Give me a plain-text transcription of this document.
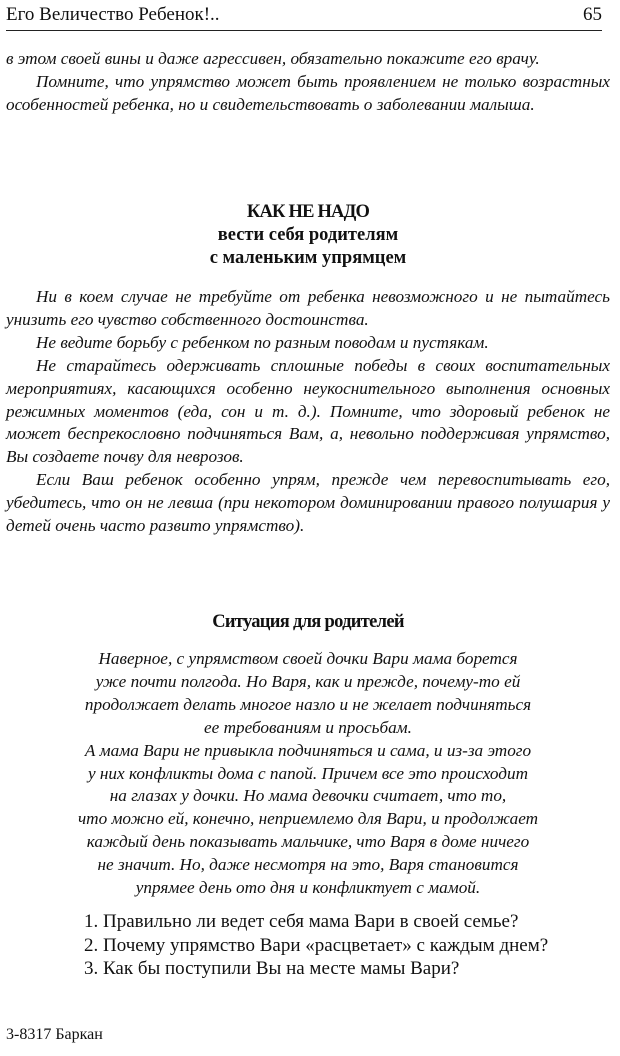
Его Величество Ребенок!..	65

в этом своей вины и даже агрессивен, обязательно покажите его врачу.

Помните, что упрямство может быть проявлением не только возрастных особенностей ребенка, но и свидетельствовать о заболевании малыша.

КАК НЕ НАДО
вести себя родителям
с маленьким упрямцем

Ни в коем случае не требуйте от ребенка невозможного и не пытайтесь унизить его чувство собственного достоинства.

Не ведите борьбу с ребенком по разным поводам и пустякам.

Не старайтесь одерживать сплошные победы в своих воспитательных мероприятиях, касающихся особенно неукоснительного выполнения основных режимных моментов (еда, сон и т. д.). Помните, что здоровый ребенок не может беспрекословно подчиняться Вам, а, невольно поддерживая упрямство, Вы создаете почву для неврозов.

Если Ваш ребенок особенно упрям, прежде чем перевоспитывать его, убедитесь, что он не левша (при некотором доминировании правого полушария у детей очень часто развито упрямство).

Ситуация для родителей
Наверное, с упрямством своей дочки Вари мама борется
уже почти полгода. Но Варя, как и прежде, почему-то ей
продолжает делать многое назло и не желает подчиняться
ее требованиям и просьбам.
А мама Вари не привыкла подчиняться и сама, и из-за этого
у них конфликты дома с папой. Причем все это происходит
на глазах у дочки. Но мама девочки считает, что то,
что можно ей, конечно, неприемлемо для Вари, и продолжает
каждый день показывать мальчике, что Варя в доме ничего
не значит. Но, даже несмотря на это, Варя становится
упрямее день ото дня и конфликтует с мамой.
1. Правильно ли ведет себя мама Вари в своей семье?
2. Почему упрямство Вари «расцветает» с каждым днем?
3. Как бы поступили Вы на месте мамы Вари?
3-8317 Баркан
